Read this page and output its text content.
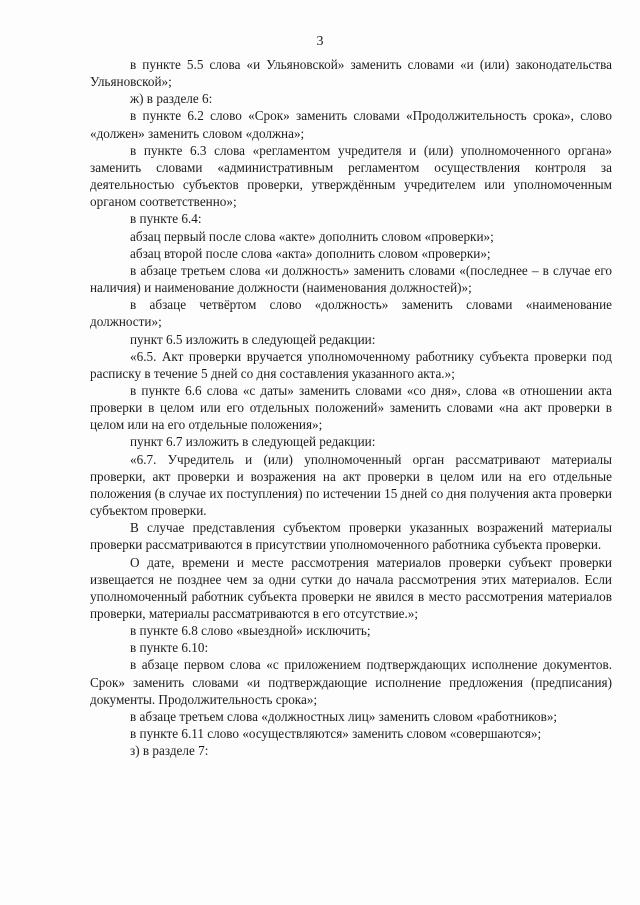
3

в пункте 5.5 слова «и Ульяновской» заменить словами «и (или) законодательства Ульяновской»;

ж) в разделе 6:

в пункте 6.2 слово «Срок» заменить словами «Продолжительность срока», слово «должен» заменить словом «должна»;

в пункте 6.3 слова «регламентом учредителя и (или) уполномоченного органа» заменить словами «административным регламентом осуществления контроля за деятельностью субъектов проверки, утверждённым учредителем или уполномоченным органом соответственно»;

в пункте 6.4:

абзац первый после слова «акте» дополнить словом «проверки»;

абзац второй после слова «акта» дополнить словом «проверки»;

в абзаце третьем слова «и должность» заменить словами «(последнее – в случае его наличия) и наименование должности (наименования должностей)»;

в абзаце четвёртом слово «должность» заменить словами «наименование должности»;

пункт 6.5 изложить в следующей редакции:

«6.5. Акт проверки вручается уполномоченному работнику субъекта проверки под расписку в течение 5 дней со дня составления указанного акта.»;

в пункте 6.6 слова «с даты» заменить словами «со дня», слова «в отношении акта проверки в целом или его отдельных положений» заменить словами «на акт проверки в целом или на его отдельные положения»;

пункт 6.7 изложить в следующей редакции:

«6.7. Учредитель и (или) уполномоченный орган рассматривают материалы проверки, акт проверки и возражения на акт проверки в целом или на его отдельные положения (в случае их поступления) по истечении 15 дней со дня получения акта проверки субъектом проверки.

В случае представления субъектом проверки указанных возражений материалы проверки рассматриваются в присутствии уполномоченного работника субъекта проверки.

О дате, времени и месте рассмотрения материалов проверки субъект проверки извещается не позднее чем за одни сутки до начала рассмотрения этих материалов. Если уполномоченный работник субъекта проверки не явился в место рассмотрения материалов проверки, материалы рассматриваются в его отсутствие.»;

в пункте 6.8 слово «выездной» исключить;

в пункте 6.10:

в абзаце первом слова «с приложением подтверждающих исполнение документов. Срок» заменить словами «и подтверждающие исполнение предложения (предписания) документы. Продолжительность срока»;

в абзаце третьем слова «должностных лиц» заменить словом «работников»;

в пункте 6.11 слово «осуществляются» заменить словом «совершаются»;

з) в разделе 7:
